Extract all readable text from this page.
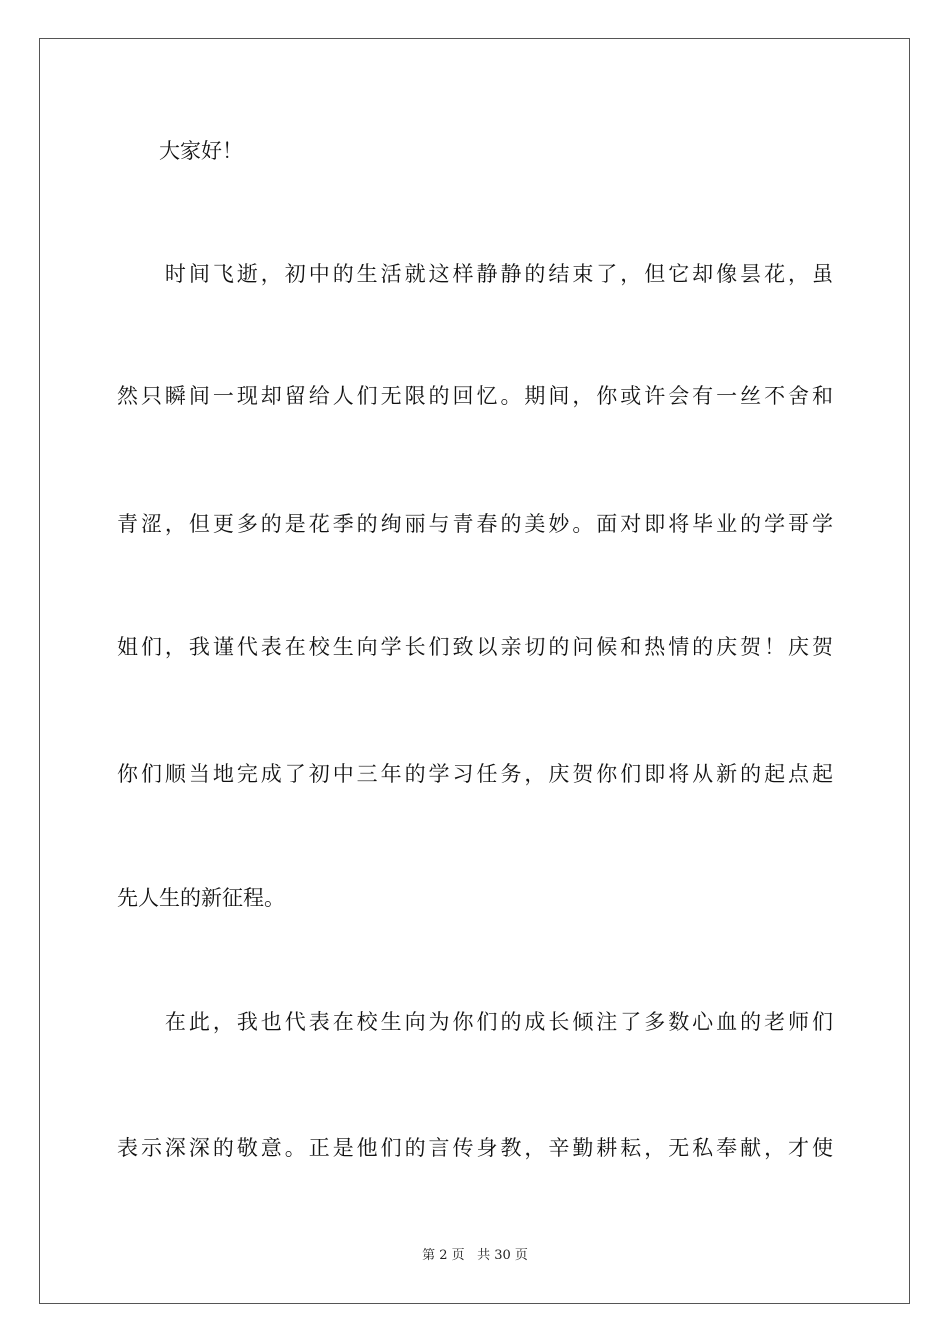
　　大家好！
　　时间飞逝，初中的生活就这样静静的结束了，但它却像昙花，虽
然只瞬间一现却留给人们无限的回忆。期间，你或许会有一丝不舍和
青涩，但更多的是花季的绚丽与青春的美妙。面对即将毕业的学哥学
姐们，我谨代表在校生向学长们致以亲切的问候和热情的庆贺！庆贺
你们顺当地完成了初中三年的学习任务，庆贺你们即将从新的起点起
先人生的新征程。
　　在此，我也代表在校生向为你们的成长倾注了多数心血的老师们
表示深深的敬意。正是他们的言传身教，辛勤耕耘，无私奉献，才使
第 2 页 共 30 页
